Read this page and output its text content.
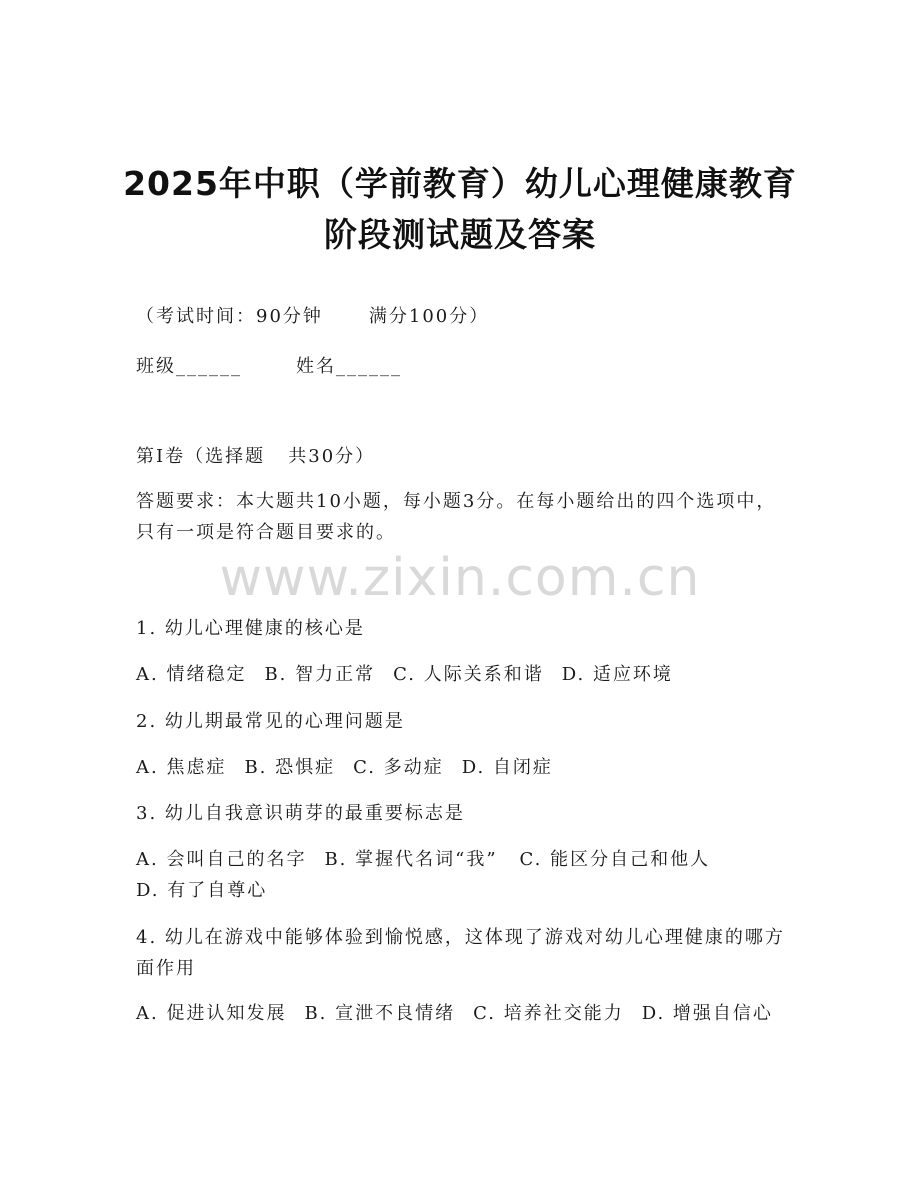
2025年中职（学前教育）幼儿心理健康教育
阶段测试题及答案
（考试时间：90分钟	满分100分）
班级______	姓名______
第I卷（选择题   共30分）
答题要求：本大题共10小题，每小题3分。在每小题给出的四个选项中，只有一项是符合题目要求的。
www.zixin.com.cn
1. 幼儿心理健康的核心是
A. 情绪稳定 B. 智力正常 C. 人际关系和谐 D. 适应环境
2. 幼儿期最常见的心理问题是
A. 焦虑症 B. 恐惧症 C. 多动症 D. 自闭症
3. 幼儿自我意识萌芽的最重要标志是
A. 会叫自己的名字 B. 掌握代名词“我” C. 能区分自己和他人
D. 有了自尊心
4. 幼儿在游戏中能够体验到愉悦感，这体现了游戏对幼儿心理健康的哪方面作用
A. 促进认知发展 B. 宣泄不良情绪 C. 培养社交能力 D. 增强自信心
